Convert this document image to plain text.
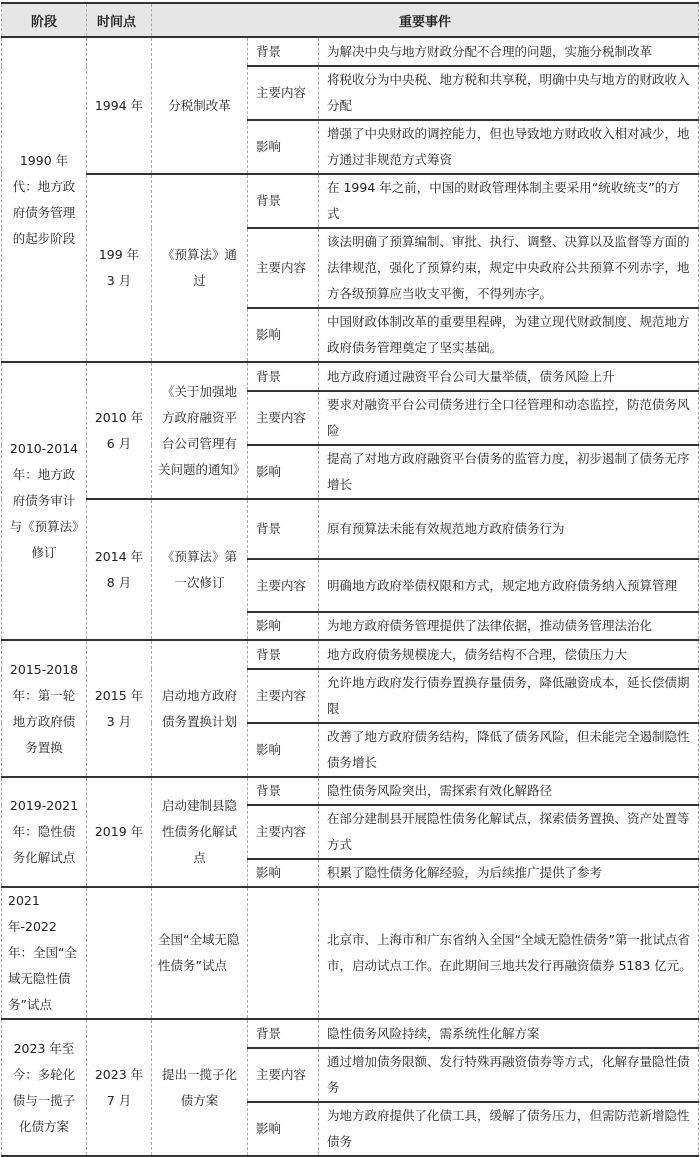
阶段	时间点	重要事件		
1990 年代：地方政府债务管理的起步阶段	1994 年	分税制改革	背景	为解决中央与地方财政分配不合理的问题，实施分税制改革
			主要内容	将税收分为中央税、地方税和共享税，明确中央与地方的财政收入分配
			影响	增强了中央财政的调控能力，但也导致地方财政收入相对减少，地方通过非规范方式筹资
	199 年 3 月	《预算法》通过	背景	在 1994 年之前，中国的财政管理体制主要采用“统收统支”的方式
			主要内容	该法明确了预算编制、审批、执行、调整、决算以及监督等方面的法律规范，强化了预算约束，规定中央政府公共预算不列赤字，地方各级预算应当收支平衡，不得列赤字。
			影响	中国财政体制改革的重要里程碑，为建立现代财政制度、规范地方政府债务管理奠定了坚实基础。
2010-2014 年：地方政府债务审计与《预算法》修订	2010 年 6 月	《关于加强地方政府融资平台公司管理有关问题的通知》	背景	地方政府通过融资平台公司大量举债，债务风险上升
			主要内容	要求对融资平台公司债务进行全口径管理和动态监控，防范债务风险
			影响	提高了对地方政府融资平台债务的监管力度，初步遏制了债务无序增长
	2014 年 8 月	《预算法》第一次修订	背景	原有预算法未能有效规范地方政府债务行为
			主要内容	明确地方政府举债权限和方式，规定地方政府债务纳入预算管理
			影响	为地方政府债务管理提供了法律依据，推动债务管理法治化
2015-2018 年：第一轮地方政府债务置换	2015 年 3 月	启动地方政府债务置换计划	背景	地方政府债务规模庞大，债务结构不合理，偿债压力大
			主要内容	允许地方政府发行债券置换存量债务，降低融资成本，延长偿债期限
			影响	改善了地方政府债务结构，降低了债务风险，但未能完全遏制隐性债务增长
2019-2021 年：隐性债务化解试点	2019 年	启动建制县隐性债务化解试点	背景	隐性债务风险突出，需探索有效化解路径
			主要内容	在部分建制县开展隐性债务化解试点，探索债务置换、资产处置等方式
			影响	积累了隐性债务化解经验，为后续推广提供了参考
2021 年-2022 年：全国“全域无隐性债务”试点		全国“全域无隐性债务”试点		北京市、上海市和广东省纳入全国“全域无隐性债务”第一批试点省市，启动试点工作。在此期间三地共发行再融资债券 5183 亿元。
2023 年至今：多轮化债与一揽子化债方案	2023 年 7 月	提出一揽子化债方案	背景	隐性债务风险持续，需系统性化解方案
			主要内容	通过增加债务限额、发行特殊再融资债券等方式，化解存量隐性债务
			影响	为地方政府提供了化债工具，缓解了债务压力，但需防范新增隐性债务
